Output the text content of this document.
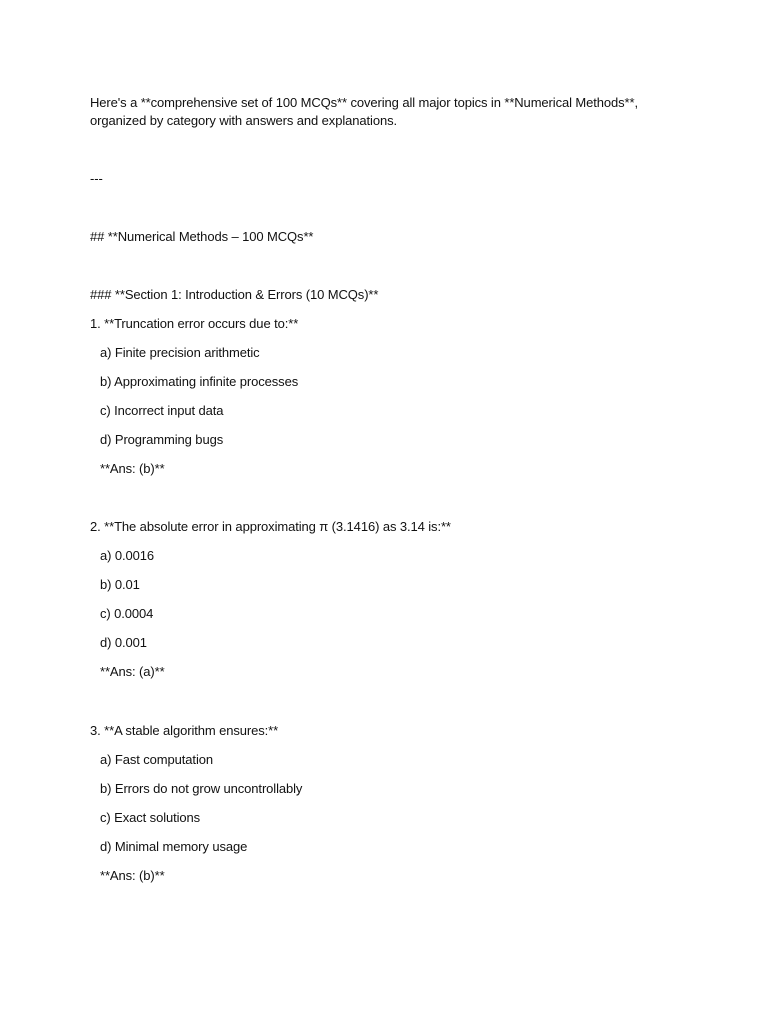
Here's a **comprehensive set of 100 MCQs** covering all major topics in **Numerical Methods**,
organized by category with answers and explanations.
---
## **Numerical Methods – 100 MCQs**
### **Section 1: Introduction & Errors (10 MCQs)**
1. **Truncation error occurs due to:**
a) Finite precision arithmetic
b) Approximating infinite processes
c) Incorrect input data
d) Programming bugs
**Ans: (b)**
2. **The absolute error in approximating π (3.1416) as 3.14 is:**
a) 0.0016
b) 0.01
c) 0.0004
d) 0.001
**Ans: (a)**
3. **A stable algorithm ensures:**
a) Fast computation
b) Errors do not grow uncontrollably
c) Exact solutions
d) Minimal memory usage
**Ans: (b)**
